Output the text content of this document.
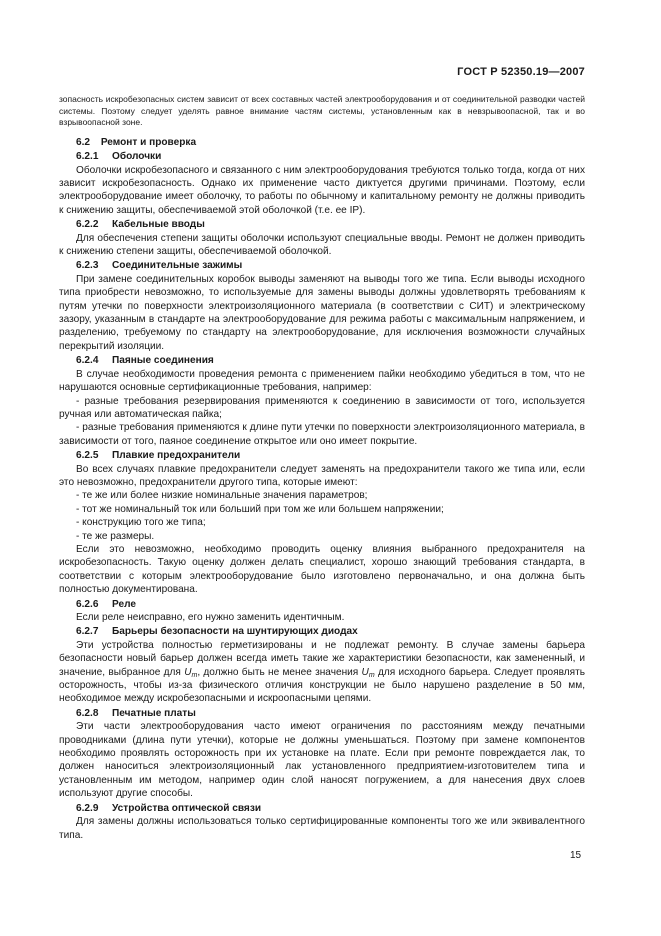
ГОСТ Р 52350.19—2007

зопасность искробезопасных систем зависит от всех составных частей электрооборудования и от соединительной разводки частей системы. Поэтому следует уделять равное внимание частям системы, установленным как в невзрывоопасной, так и во взрывоопасной зоне.

6.2 Ремонт и проверка
6.2.1 Оболочки

Оболочки искробезопасного и связанного с ним электрооборудования требуются только тогда, когда от них зависит искробезопасность. Однако их применение часто диктуется другими причинами. Поэтому, если электрооборудование имеет оболочку, то работы по обычному и капитальному ремонту не должны приводить к снижению защиты, обеспечиваемой этой оболочкой (т.е. ее IP).

6.2.2 Кабельные вводы

Для обеспечения степени защиты оболочки используют специальные вводы. Ремонт не должен приводить к снижению степени защиты, обеспечиваемой оболочкой.

6.2.3 Соединительные зажимы

При замене соединительных коробок выводы заменяют на выводы того же типа. Если выводы исходного типа приобрести невозможно, то используемые для замены выводы должны удовлетворять требованиям к путям утечки по поверхности электроизоляционного материала (в соответствии с СИТ) и электрическому зазору, указанным в стандарте на электрооборудование для режима работы с максимальным напряжением, и разделению, требуемому по стандарту на электрооборудование, для исключения возможности случайных перекрытий изоляции.

6.2.4 Паяные соединения

В случае необходимости проведения ремонта с применением пайки необходимо убедиться в том, что не нарушаются основные сертификационные требования, например:

- разные требования резервирования применяются к соединению в зависимости от того, используется ручная или автоматическая пайка;

- разные требования применяются к длине пути утечки по поверхности электроизоляционного материала, в зависимости от того, паяное соединение открытое или оно имеет покрытие.

6.2.5 Плавкие предохранители

Во всех случаях плавкие предохранители следует заменять на предохранители такого же типа или, если это невозможно, предохранители другого типа, которые имеют:

- те же или более низкие номинальные значения параметров;

- тот же номинальный ток или больший при том же или большем напряжении;

- конструкцию того же типа;

- те же размеры.

Если это невозможно, необходимо проводить оценку влияния выбранного предохранителя на искробезопасность. Такую оценку должен делать специалист, хорошо знающий требования стандарта, в соответствии с которым электрооборудование было изготовлено первоначально, и она должна быть полностью документирована.

6.2.6 Реле

Если реле неисправно, его нужно заменить идентичным.

6.2.7 Барьеры безопасности на шунтирующих диодах

Эти устройства полностью герметизированы и не подлежат ремонту. В случае замены барьера безопасности новый барьер должен всегда иметь такие же характеристики безопасности, как замененный, и значение, выбранное для $U_m$, должно быть не менее значения $U_m$ для исходного барьера. Следует проявлять осторожность, чтобы из-за физического отличия конструкции не было нарушено разделение в 50 мм, необходимое между искробезопасными и искроопасными цепями.

6.2.8 Печатные платы

Эти части электрооборудования часто имеют ограничения по расстояниям между печатными проводниками (длина пути утечки), которые не должны уменьшаться. Поэтому при замене компонентов необходимо проявлять осторожность при их установке на плате. Если при ремонте повреждается лак, то должен наноситься электроизоляционный лак установленного предприятием-изготовителем типа и установленным им методом, например один слой наносят погружением, а для нанесения двух слоев используют другие способы.

6.2.9 Устройства оптической связи

Для замены должны использоваться только сертифицированные компоненты того же или эквивалентного типа.

15
